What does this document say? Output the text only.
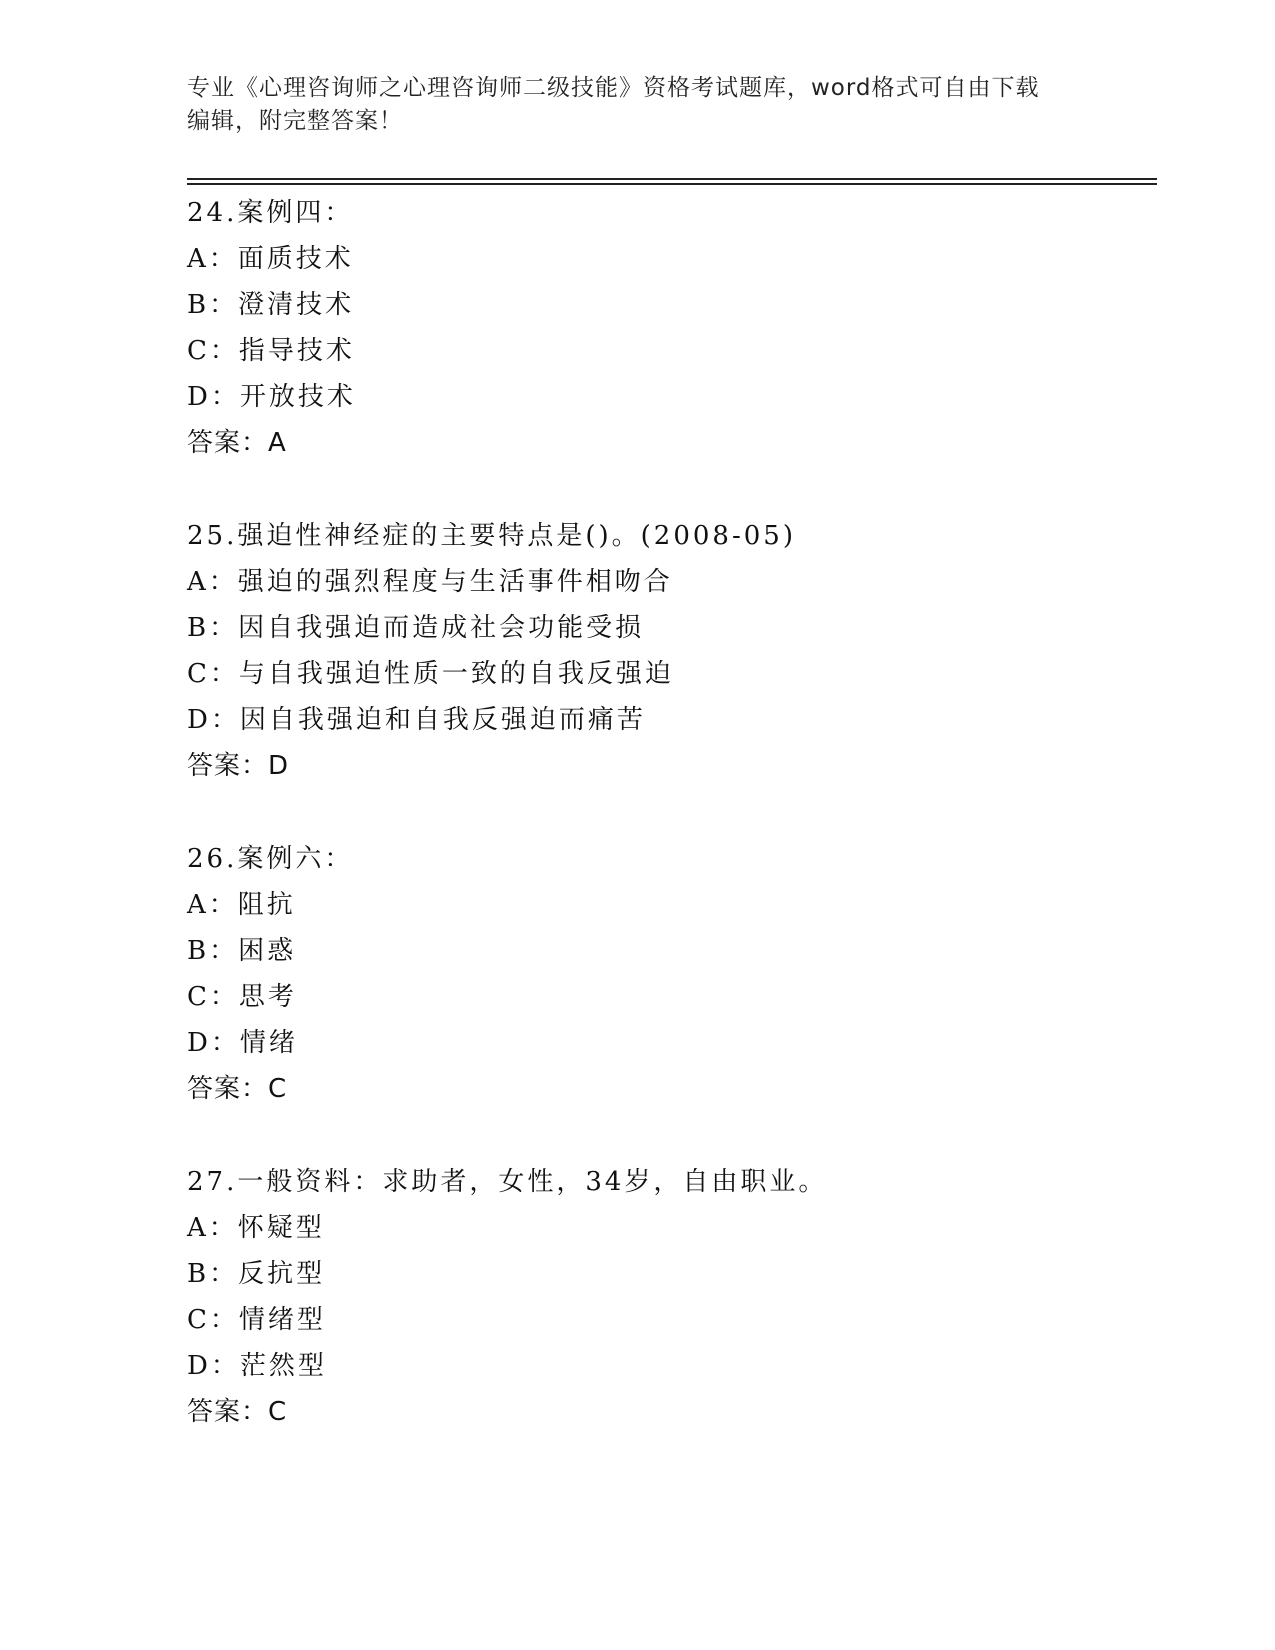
专业《心理咨询师之心理咨询师二级技能》资格考试题库，word格式可自由下载
编辑，附完整答案！
24.案例四：
A：面质技术
B：澄清技术
C：指导技术
D：开放技术
答案：A
25.强迫性神经症的主要特点是()。(2008-05)
A：强迫的强烈程度与生活事件相吻合
B：因自我强迫而造成社会功能受损
C：与自我强迫性质一致的自我反强迫
D：因自我强迫和自我反强迫而痛苦
答案：D
26.案例六：
A：阻抗
B：困惑
C：思考
D：情绪
答案：C
27.一般资料：求助者，女性，34岁，自由职业。
A：怀疑型
B：反抗型
C：情绪型
D：茫然型
答案：C
